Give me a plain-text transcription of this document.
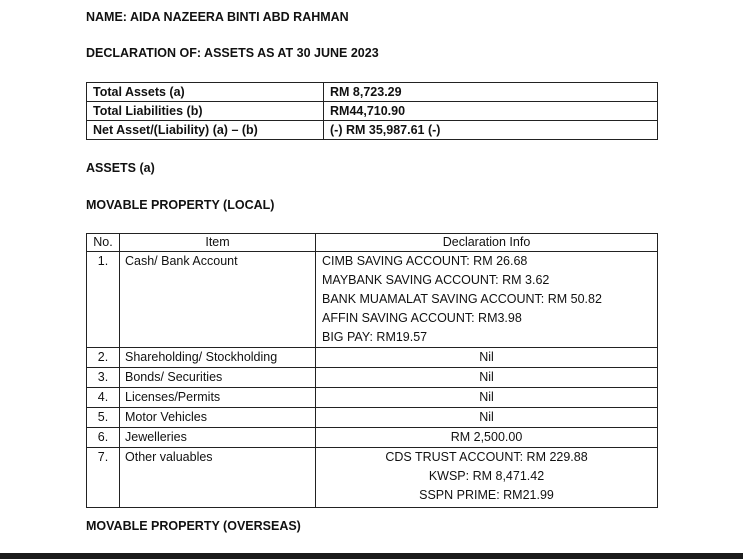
NAME: AIDA NAZEERA BINTI ABD RAHMAN
DECLARATION OF: ASSETS AS AT 30 JUNE 2023
Total Assets (a)	RM 8,723.29
Total Liabilities (b)	RM44,710.90
Net Asset/(Liability) (a) – (b)	(-) RM 35,987.61 (-)
ASSETS (a)
MOVABLE PROPERTY (LOCAL)
No.	Item	Declaration Info
1.	Cash/ Bank Account	CIMB SAVING ACCOUNT: RM 26.68
MAYBANK SAVING ACCOUNT: RM 3.62
BANK MUAMALAT SAVING ACCOUNT: RM 50.82
AFFIN SAVING ACCOUNT: RM3.98
BIG PAY: RM19.57

2.	Shareholding/ Stockholding	Nil

3.	Bonds/ Securities	Nil

4.	Licenses/Permits	Nil

5.	Motor Vehicles	Nil

6.	Jewelleries	RM 2,500.00

7.	Other valuables	CDS TRUST ACCOUNT: RM 229.88
KWSP: RM 8,471.42
SSPN PRIME: RM21.99
MOVABLE PROPERTY (OVERSEAS)
